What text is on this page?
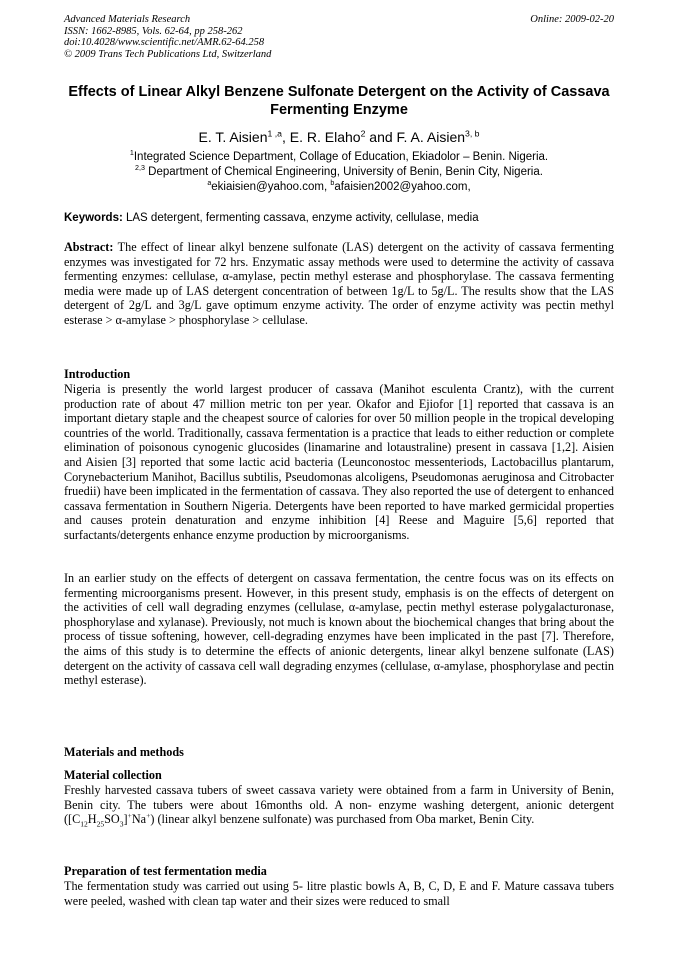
Advanced Materials Research
ISSN: 1662-8985, Vols. 62-64, pp 258-262
doi:10.4028/www.scientific.net/AMR.62-64.258
© 2009 Trans Tech Publications Ltd, Switzerland
Online: 2009-02-20
Effects of Linear Alkyl Benzene Sulfonate Detergent on the Activity of Cassava Fermenting Enzyme
E. T. Aisien$^{1 ,a}$, E. R. Elaho$^2$ and F. A. Aisien$^{3, b}$
$^1$Integrated Science Department, Collage of Education, Ekiadolor – Benin. Nigeria.
$^{2,3}$ Department of Chemical Engineering, University of Benin, Benin City, Nigeria.
$^a$ekiaisien@yahoo.com, $^b$afaisien2002@yahoo.com,
Keywords: LAS detergent, fermenting cassava, enzyme activity, cellulase, media
Abstract: The effect of linear alkyl benzene sulfonate (LAS) detergent on the activity of cassava fermenting enzymes was investigated for 72 hrs. Enzymatic assay methods were used to determine the activity of cassava fermenting enzymes: cellulase, α-amylase, pectin methyl esterase and phosphorylase. The cassava fermenting media were made up of LAS detergent concentration of between 1g/L to 5g/L. The results show that the LAS detergent of 2g/L and 3g/L gave optimum enzyme activity. The order of enzyme activity was pectin methyl esterase > α-amylase > phosphorylase > cellulase.
Introduction
Nigeria is presently the world largest producer of cassava (Manihot esculenta Crantz), with the current production rate of about 47 million metric ton per year. Okafor and Ejiofor [1] reported that cassava is an important dietary staple and the cheapest source of calories for over 50 million people in the tropical developing countries of the world. Traditionally, cassava fermentation is a practice that leads to either reduction or complete elimination of poisonous cynogenic glucosides (linamarine and lotaustraline) present in cassava [1,2]. Aisien and Aisien [3] reported that some lactic acid bacteria (Leunconostoc messenteriods, Lactobacillus plantarum, Corynebacterium Manihot, Bacillus subtilis, Pseudomonas alcoligens, Pseudomonas aeruginosa and Citrobacter fruedii) have been implicated in the fermentation of cassava. They also reported the use of detergent to enhanced cassava fermentation in Southern Nigeria. Detergents have been reported to have marked germicidal properties and causes protein denaturation and enzyme inhibition [4] Reese and Maguire [5,6] reported that surfactants/detergents enhance enzyme production by microorganisms.
In an earlier study on the effects of detergent on cassava fermentation, the centre focus was on its effects on fermenting microorganisms present. However, in this present study, emphasis is on the effects of detergent on the activities of cell wall degrading enzymes (cellulase, α-amylase, pectin methyl esterase polygalacturonase, phosphorylase and xylanase). Previously, not much is known about the biochemical changes that bring about the process of tissue softening, however, cell-degrading enzymes have been implicated in the past [7]. Therefore, the aims of this study is to determine the effects of anionic detergents, linear alkyl benzene sulfonate (LAS) detergent on the activity of cassava cell wall degrading enzymes (cellulase, α-amylase, phosphorylase and pectin methyl esterase).
Materials and methods
Material collection
Freshly harvested cassava tubers of sweet cassava variety were obtained from a farm in University of Benin, Benin city. The tubers were about 16months old. A non- enzyme washing detergent, anionic detergent $([C_{12}H_{25}SO_3]^+Na^+)$ (linear alkyl benzene sulfonate) was purchased from Oba market, Benin City.
Preparation of test fermentation media
The fermentation study was carried out using 5- litre plastic bowls A, B, C, D, E and F. Mature cassava tubers were peeled, washed with clean tap water and their sizes were reduced to small
